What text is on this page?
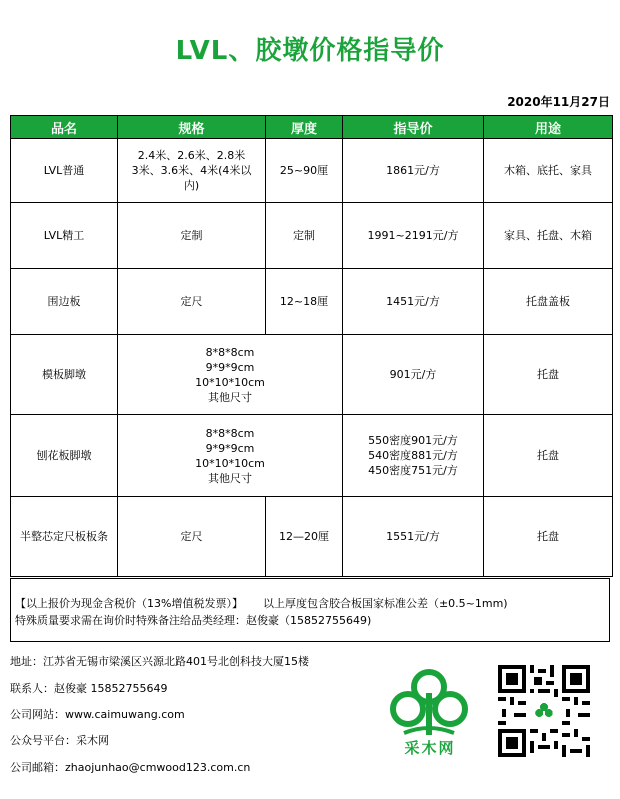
LVL、胶墩价格指导价
2020年11月27日
品名	规格	厚度	指导价	用途
LVL普通	2.4米、2.6米、2.8米
3米、3.6米、4米(4米以
内)	25~90厘	1861元/方	木箱、底托、家具
LVL精工	定制	定制	1991~2191元/方	家具、托盘、木箱
围边板	定尺	12~18厘	1451元/方	托盘盖板
模板脚墩	8*8*8cm
9*9*9cm
10*10*10cm
其他尺寸		901元/方	托盘
刨花板脚墩	8*8*8cm
9*9*9cm
10*10*10cm
其他尺寸		550密度901元/方
540密度881元/方
450密度751元/方	托盘
半整芯定尺板板条	定尺	12—20厘	1551元/方	托盘
【以上报价为现金含税价（13%增值税发票）】 以上厚度包含胶合板国家标准公差（±0.5~1mm)
特殊质量要求需在询价时特殊备注给品类经理：赵俊豪（15852755649)
地址：江苏省无锡市梁溪区兴源北路401号北创科技大厦15楼
联系人：赵俊豪 15852755649
公司网站：www.caimuwang.com
公众号平台：采木网
公司邮箱：zhaojunhao@cmwood123.com.cn
采木网
